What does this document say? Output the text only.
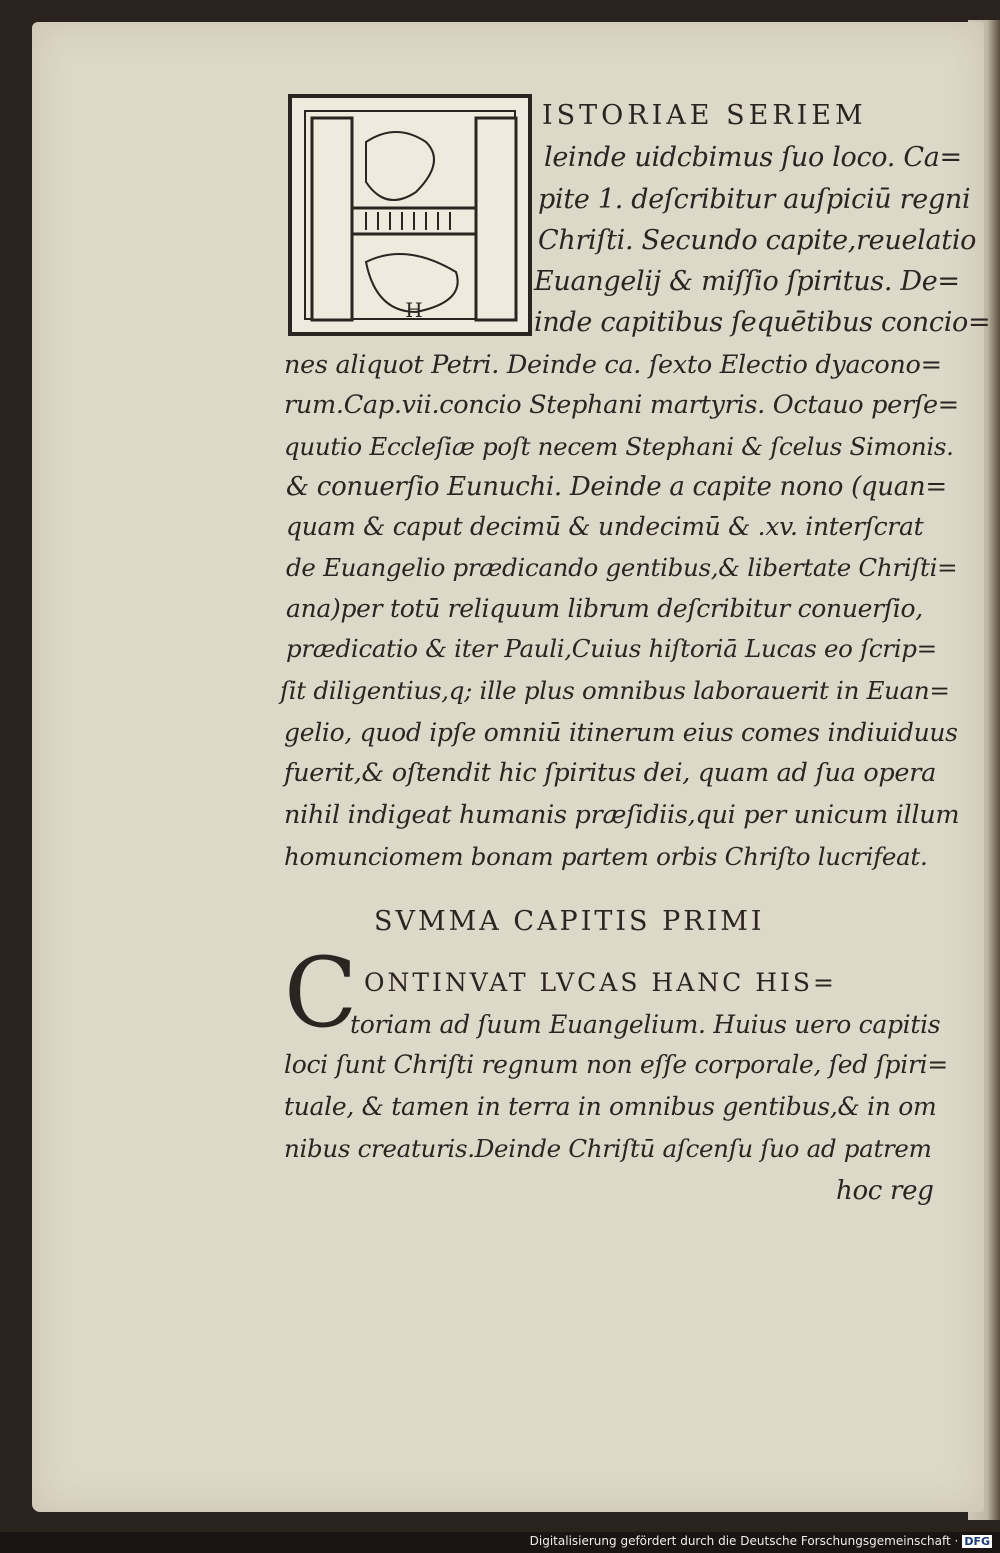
H
ISTORIAE SERIEM
leinde uidcbimus ſuo loco. Ca=
pite 1. deſcribitur auſpiciū regni
Chriſti. Secundo capite,reuelatio
Euangelij & miſſio ſpiritus. De=
inde capitibus ſequētibus concio=
nes aliquot Petri. Deinde ca. ſexto Electio dyacono=
rum.Cap.vii.concio Stephani martyris. Octauo perſe=
quutio Eccleſiæ poſt necem Stephani & ſcelus Simonis.
& conuerſio Eunuchi. Deinde a capite nono (quan=
quam & caput decimū & undecimū & .xv. interſcrat
de Euangelio prædicando gentibus,& libertate Chriſti=
ana)per totū reliquum librum deſcribitur conuerſio,
prædicatio & iter Pauli,Cuius hiſtoriā Lucas eo ſcrip=
ſit diligentius,q; ille plus omnibus laborauerit in Euan=
gelio, quod ipſe omniū itinerum eius comes indiuiduus
fuerit,& oſtendit hic ſpiritus dei, quam ad ſua opera
nihil indigeat humanis præſidiis,qui per unicum illum
homunciomem bonam partem orbis Chriſto lucrifeat.
SVMMA CAPITIS PRIMI
C ONTINVAT LVCAS HANC HIS=
toriam ad ſuum Euangelium. Huius uero capitis
loci ſunt Chriſti regnum non eſſe corporale, ſed ſpiri=
tuale, & tamen in terra in omnibus gentibus,& in om
nibus creaturis.Deinde Chriſtū aſcenſu ſuo ad patrem
hoc reg
Digitalisierung gefördert durch die Deutsche Forschungsgemeinschaft · DFG
